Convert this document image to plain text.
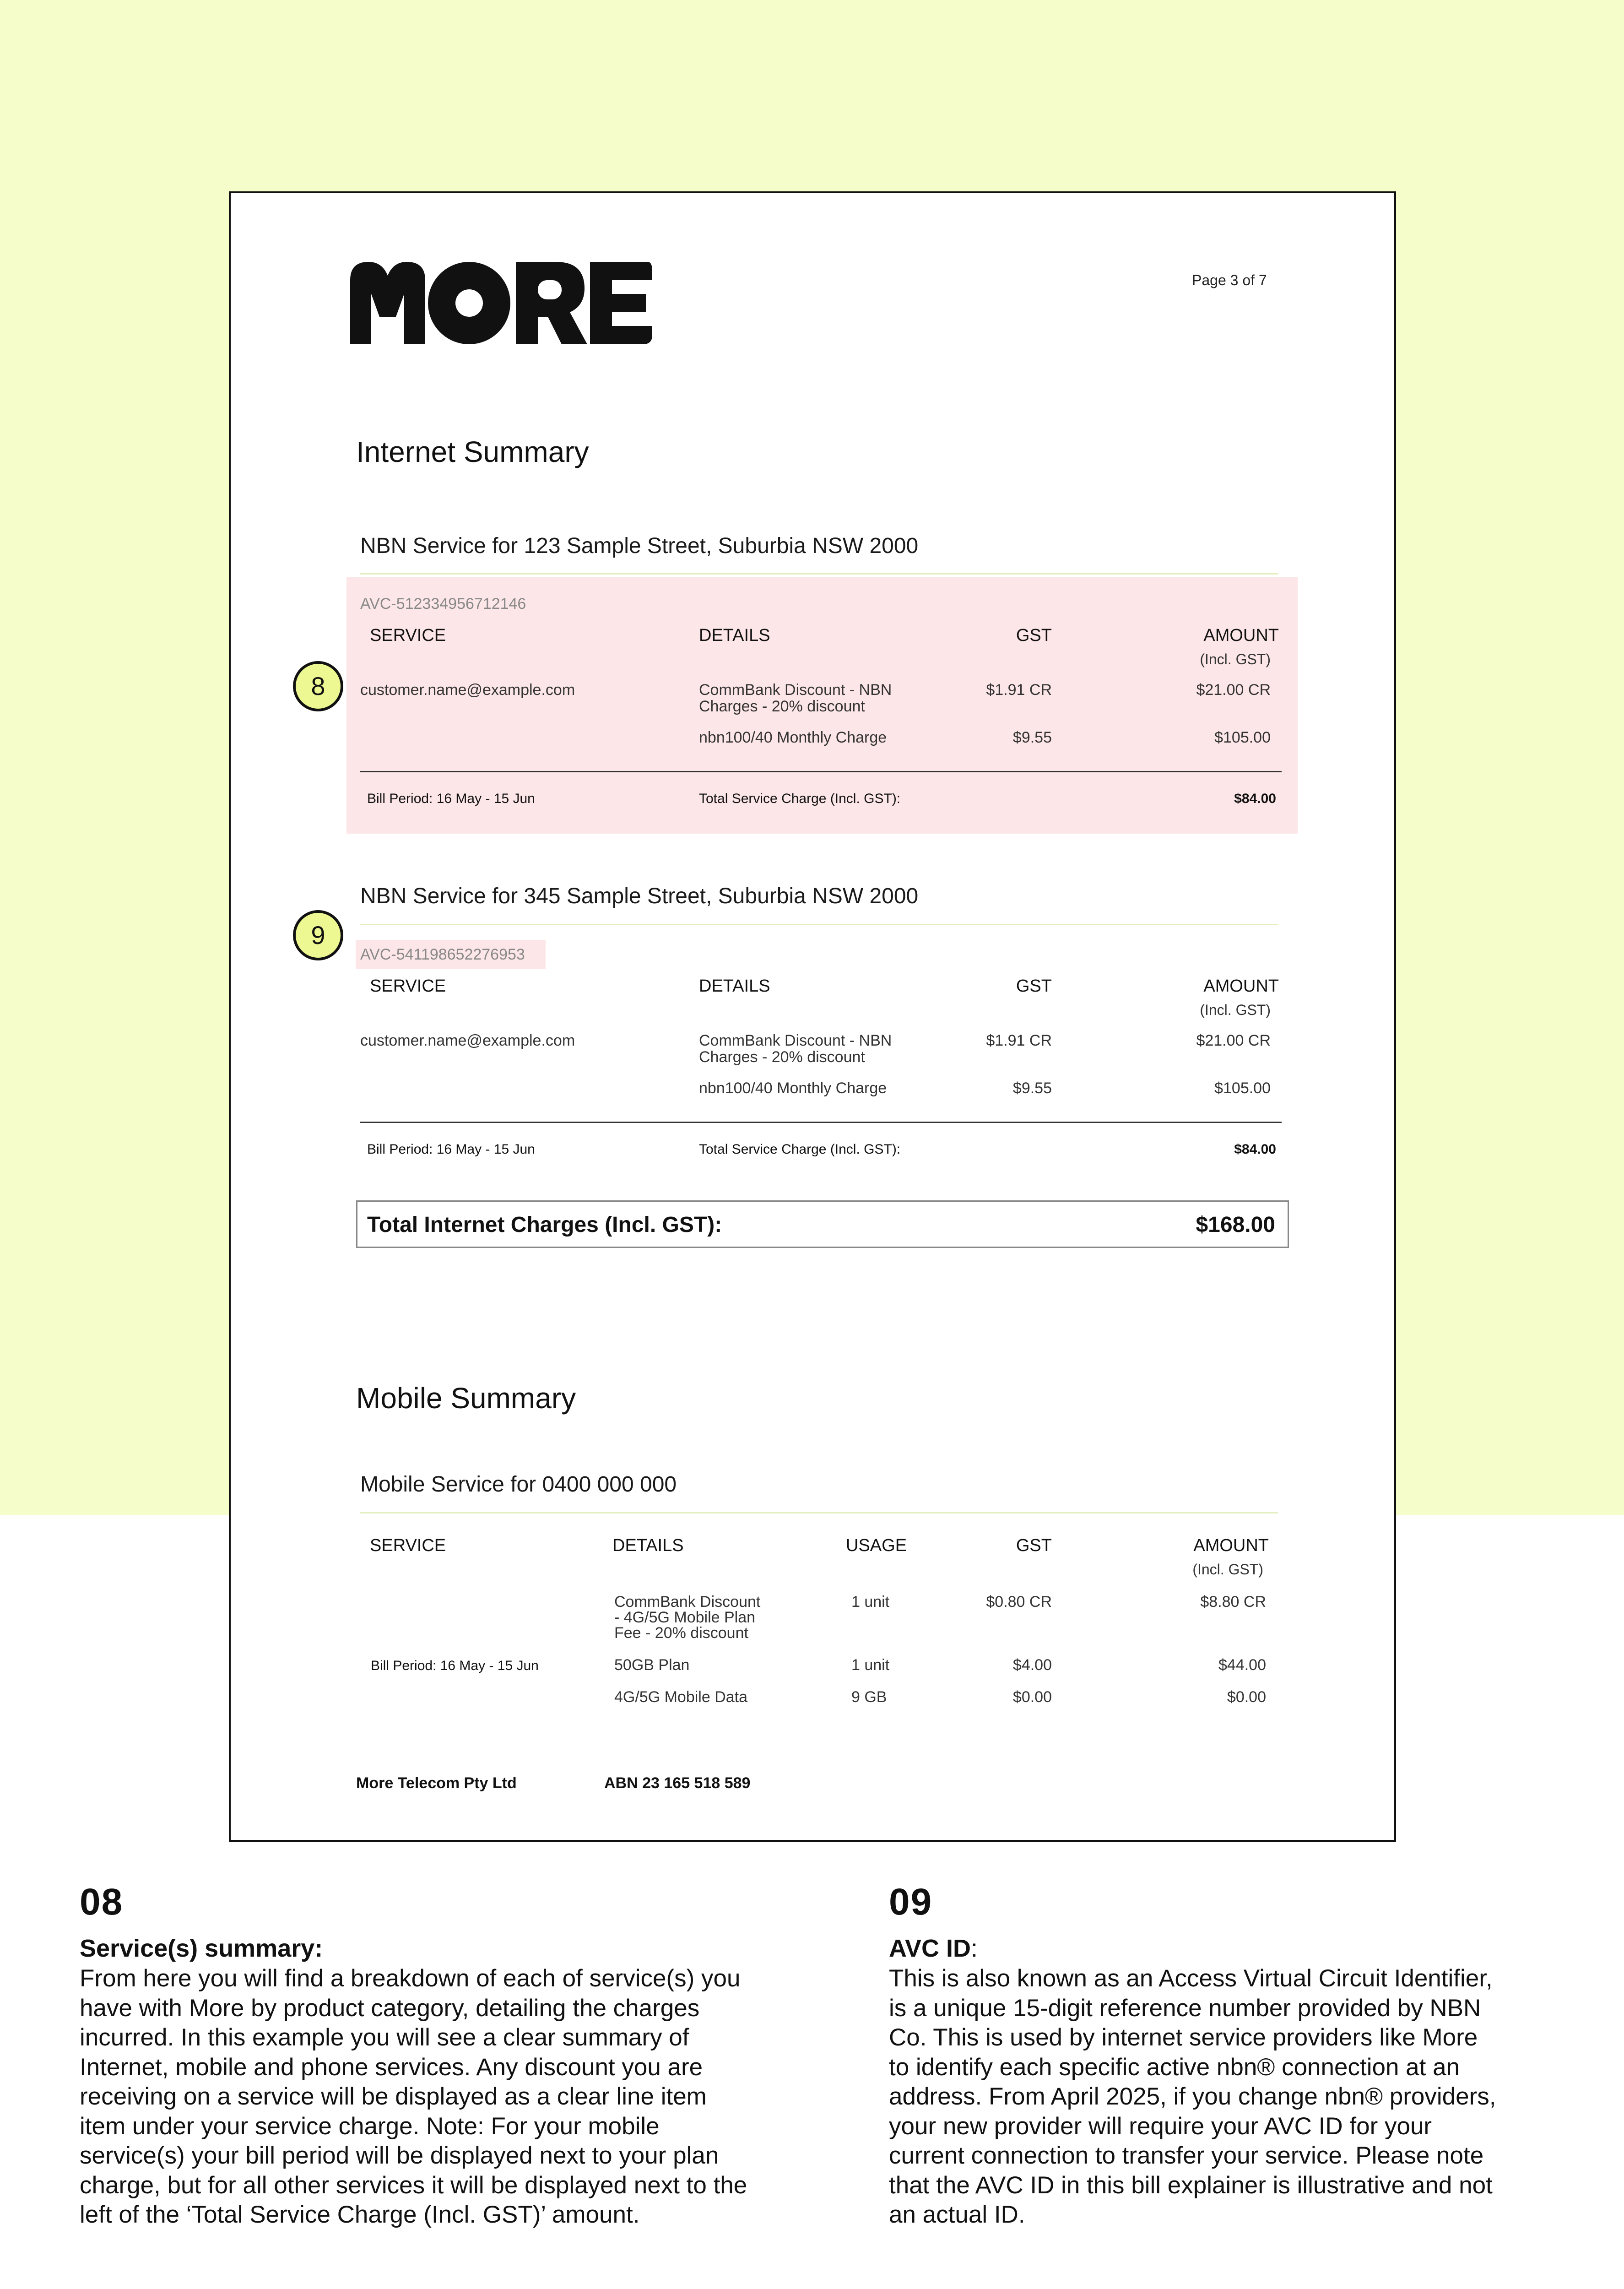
Page 3 of 7
Internet Summary
NBN Service for 123 Sample Street, Suburbia NSW 2000
AVC-512334956712146
SERVICE	DETAILS	GST	AMOUNT
(Incl. GST)
8	customer.name@example.com	CommBank Discount - NBN
Charges - 20% discount
$1.91 CR	$21.00 CR
nbn100/40 Monthly Charge	$9.55	$105.00
Bill Period: 16 May - 15 Jun	Total Service Charge (Incl. GST):	$84.00
NBN Service for 345 Sample Street, Suburbia NSW 2000
9
AVC-541198652276953
SERVICE	DETAILS	GST	AMOUNT
(Incl. GST)
customer.name@example.com	CommBank Discount - NBN
Charges - 20% discount
$1.91 CR	$21.00 CR
nbn100/40 Monthly Charge	$9.55	$105.00
Bill Period: 16 May - 15 Jun	Total Service Charge (Incl. GST):	$84.00
Total Internet Charges (Incl. GST):	$168.00
Mobile Summary
Mobile Service for 0400 000 000
SERVICE	DETAILS	USAGE	GST	AMOUNT
(Incl. GST)
CommBank Discount
- 4G/5G Mobile Plan
Fee - 20% discount
1 unit	$0.80 CR	$8.80 CR
Bill Period: 16 May - 15 Jun	50GB Plan	1 unit	$4.00	$44.00
4G/5G Mobile Data	9 GB	$0.00	$0.00
More Telecom Pty Ltd	ABN 23 165 518 589
08
Service(s) summary:
From here you will find a breakdown of each of service(s) you
have with More by product category, detailing the charges
incurred. In this example you will see a clear summary of
Internet, mobile and phone services. Any discount you are
receiving on a service will be displayed as a clear line item
item under your service charge. Note: For your mobile
service(s) your bill period will be displayed next to your plan
charge, but for all other services it will be displayed next to the
left of the ‘Total Service Charge (Incl. GST)’ amount.
09
AVC ID:
This is also known as an Access Virtual Circuit Identifier,
is a unique 15-digit reference number provided by NBN
Co. This is used by internet service providers like More
to identify each specific active nbn® connection at an
address. From April 2025, if you change nbn® providers,
your new provider will require your AVC ID for your
current connection to transfer your service. Please note
that the AVC ID in this bill explainer is illustrative and not
an actual ID.
